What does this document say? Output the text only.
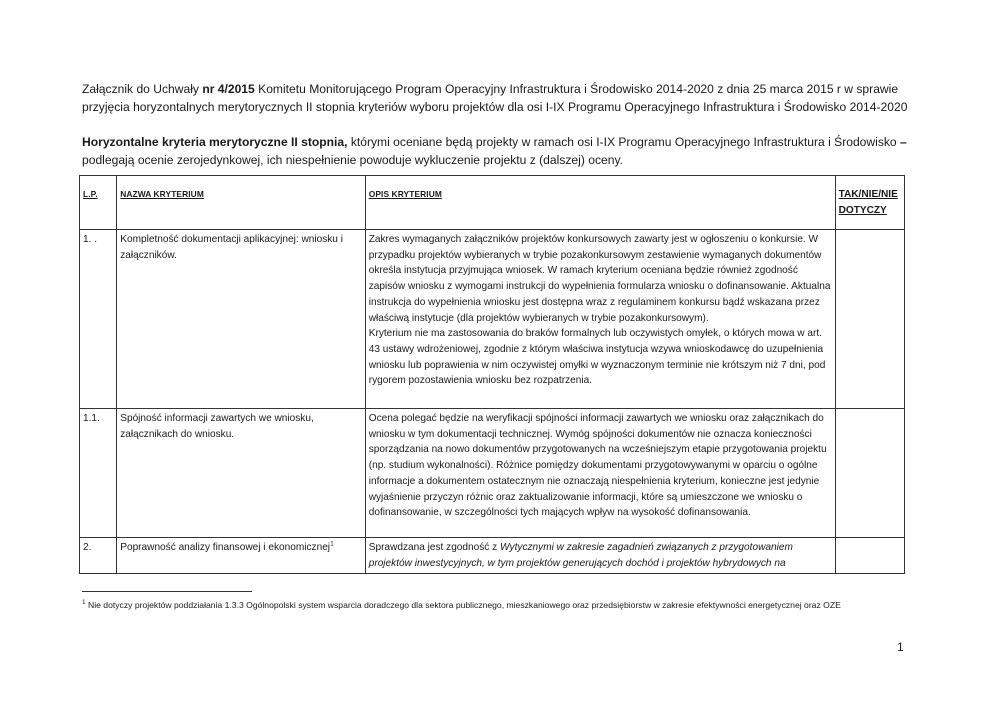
Załącznik do Uchwały nr 4/2015 Komitetu Monitorującego Program Operacyjny Infrastruktura i Środowisko 2014-2020 z dnia 25 marca 2015 r w sprawie przyjęcia horyzontalnych merytorycznych II stopnia kryteriów wyboru projektów dla osi I-IX Programu Operacyjnego Infrastruktura i Środowisko 2014-2020
Horyzontalne kryteria merytoryczne II stopnia, którymi oceniane będą projekty w ramach osi I-IX Programu Operacyjnego Infrastruktura i Środowisko – podlegają ocenie zerojedynkowej, ich niespełnienie powoduje wykluczenie projektu z (dalszej) oceny.
L.P.	NAZWA KRYTERIUM	OPIS KRYTERIUM	TAK/NIE/NIE DOTYCZY
1. .	Kompletność dokumentacji aplikacyjnej: wniosku i załączników.	Zakres wymaganych załączników projektów konkursowych zawarty jest w ogłoszeniu o konkursie. W przypadku projektów wybieranych w trybie pozakonkursowym zestawienie wymaganych dokumentów określa instytucja przyjmująca wniosek. W ramach kryterium oceniana będzie również zgodność zapisów wniosku z wymogami instrukcji do wypełnienia formularza wniosku o dofinansowanie. Aktualna instrukcja do wypełnienia wniosku jest dostępna wraz z regulaminem konkursu bądź wskazana przez właściwą instytucje (dla projektów wybieranych w trybie pozakonkursowym).
Kryterium nie ma zastosowania do braków formalnych lub oczywistych omyłek, o których mowa w art. 43 ustawy wdrożeniowej, zgodnie z którym właściwa instytucja wzywa wnioskodawcę do uzupełnienia wniosku lub poprawienia w nim oczywistej omyłki w wyznaczonym terminie nie krótszym niż 7 dni, pod rygorem pozostawienia wniosku bez rozpatrzenia.	

1.1.	Spójność informacji zawartych we wniosku, załącznikach do wniosku.	Ocena polegać będzie na weryfikacji spójności informacji zawartych we wniosku oraz załącznikach do wniosku w tym dokumentacji technicznej. Wymóg spójności dokumentów nie oznacza konieczności sporządzania na nowo dokumentów przygotowanych na wcześniejszym etapie przygotowania projektu (np. studium wykonalności). Różnice pomiędzy dokumentami przygotowywanymi w oparciu o ogólne informacje a dokumentem ostatecznym nie oznaczają niespełnienia kryterium, konieczne jest jedynie wyjaśnienie przyczyn różnic oraz zaktualizowanie informacji, które są umieszczone we wniosku o dofinansowanie, w szczególności tych mających wpływ na wysokość dofinansowania.	
2.	Poprawność analizy finansowej i ekonomicznej$^1$	Sprawdzana jest zgodność z Wytycznymi w zakresie zagadnień związanych z przygotowaniem projektów inwestycyjnych, w tym projektów generujących dochód i projektów hybrydowych na	
$^1$ Nie dotyczy projektów poddziałania 1.3.3 Ogólnopolski system wsparcia doradczego dla sektora publicznego, mieszkaniowego oraz przedsiębiorstw w zakresie efektywności energetycznej oraz OZE
1
